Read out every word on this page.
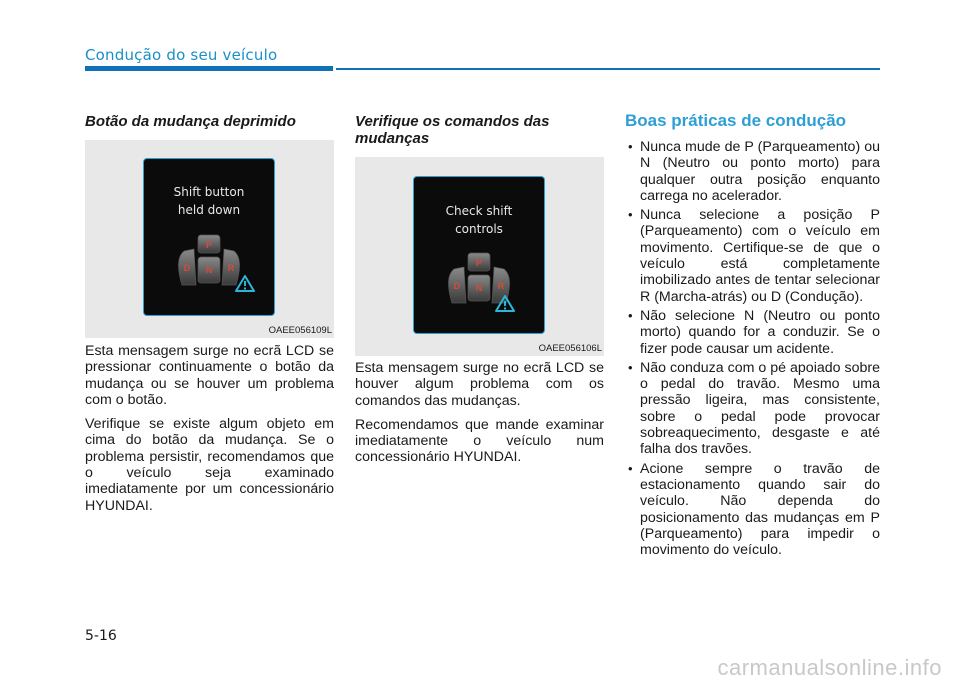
Condução do seu veículo
Botão da mudança deprimido
Shift button
held down
P
N
D	R
OAEE056109L

Esta mensagem surge no ecrã LCD se pressionar continuamente o botão da mudança ou se houver um problema com o botão.

Verifique se existe algum objeto em cima do botão da mudança. Se o problema persistir, recomendamos que o veículo seja examinado imediatamente por um concessionário HYUNDAI.

Verifique os comandos das mudanças
Check shift
controls
P
N
D	R
OAEE056106L

Esta mensagem surge no ecrã LCD se houver algum problema com os comandos das mudanças.

Recomendamos que mande examinar imediatamente o veículo num concessionário HYUNDAI.

Boas práticas de condução
• Nunca mude de P (Parqueamento) ou N (Neutro ou ponto morto) para qualquer outra posição enquanto carrega no acelerador.
• Nunca selecione a posição P (Parqueamento) com o veículo em movimento. Certifique-se de que o veículo está completamente imobilizado antes de tentar selecionar R (Marcha-atrás) ou D (Condução).
• Não selecione N (Neutro ou ponto morto) quando for a conduzir. Se o fizer pode causar um acidente.
• Não conduza com o pé apoiado sobre o pedal do travão. Mesmo uma pressão ligeira, mas consistente, sobre o pedal pode provocar sobreaquecimento, desgaste e até falha dos travões.
• Acione sempre o travão de estacionamento quando sair do veículo. Não dependa do posicionamento das mudanças em P (Parqueamento) para impedir o movimento do veículo.
5-16
carmanualsonline.info
